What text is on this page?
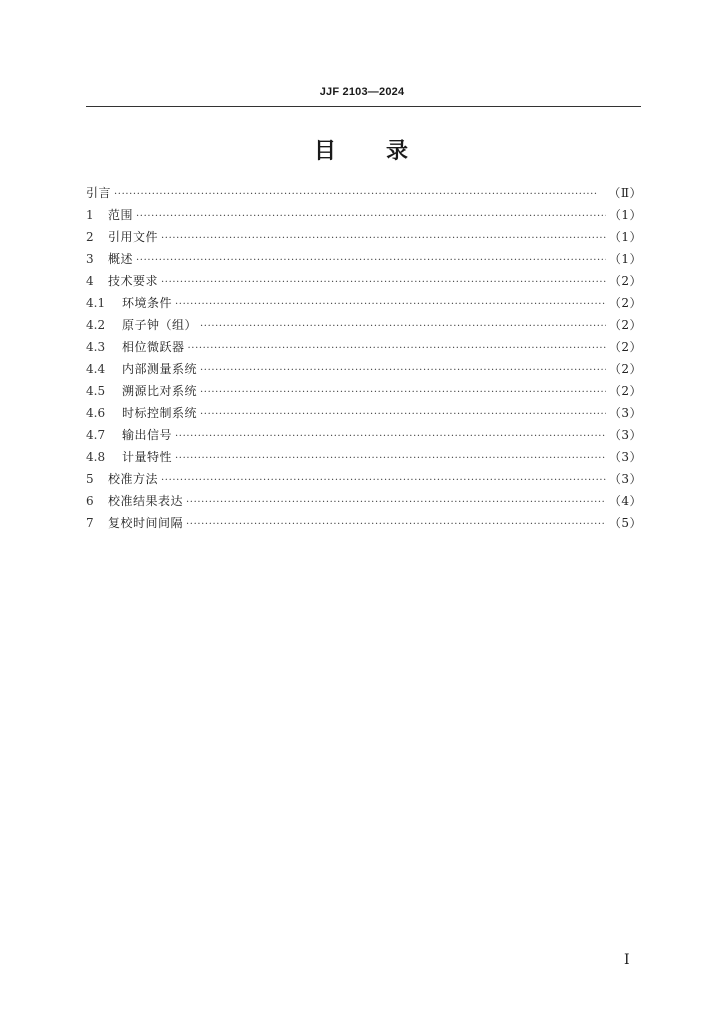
JJF 2103—2024
目 录
引言 ·····	（Ⅱ）
1	范围 ·····	（1）
2	引用文件 ·····	（1）
3	概述 ·····	（1）
4	技术要求 ·····	（2）
4.1	环境条件 ·····	（2）
4.2	原子钟（组） ·····	（2）
4.3	相位微跃器 ·····	（2）
4.4	内部测量系统 ·····	（2）
4.5	溯源比对系统 ·····	（2）
4.6	时标控制系统 ·····	（3）
4.7	输出信号 ·····	（3）
4.8	计量特性 ·····	（3）
5	校准方法 ·····	（3）
6	校准结果表达 ·····	（4）
7	复校时间间隔 ·····	（5）
Ⅰ
